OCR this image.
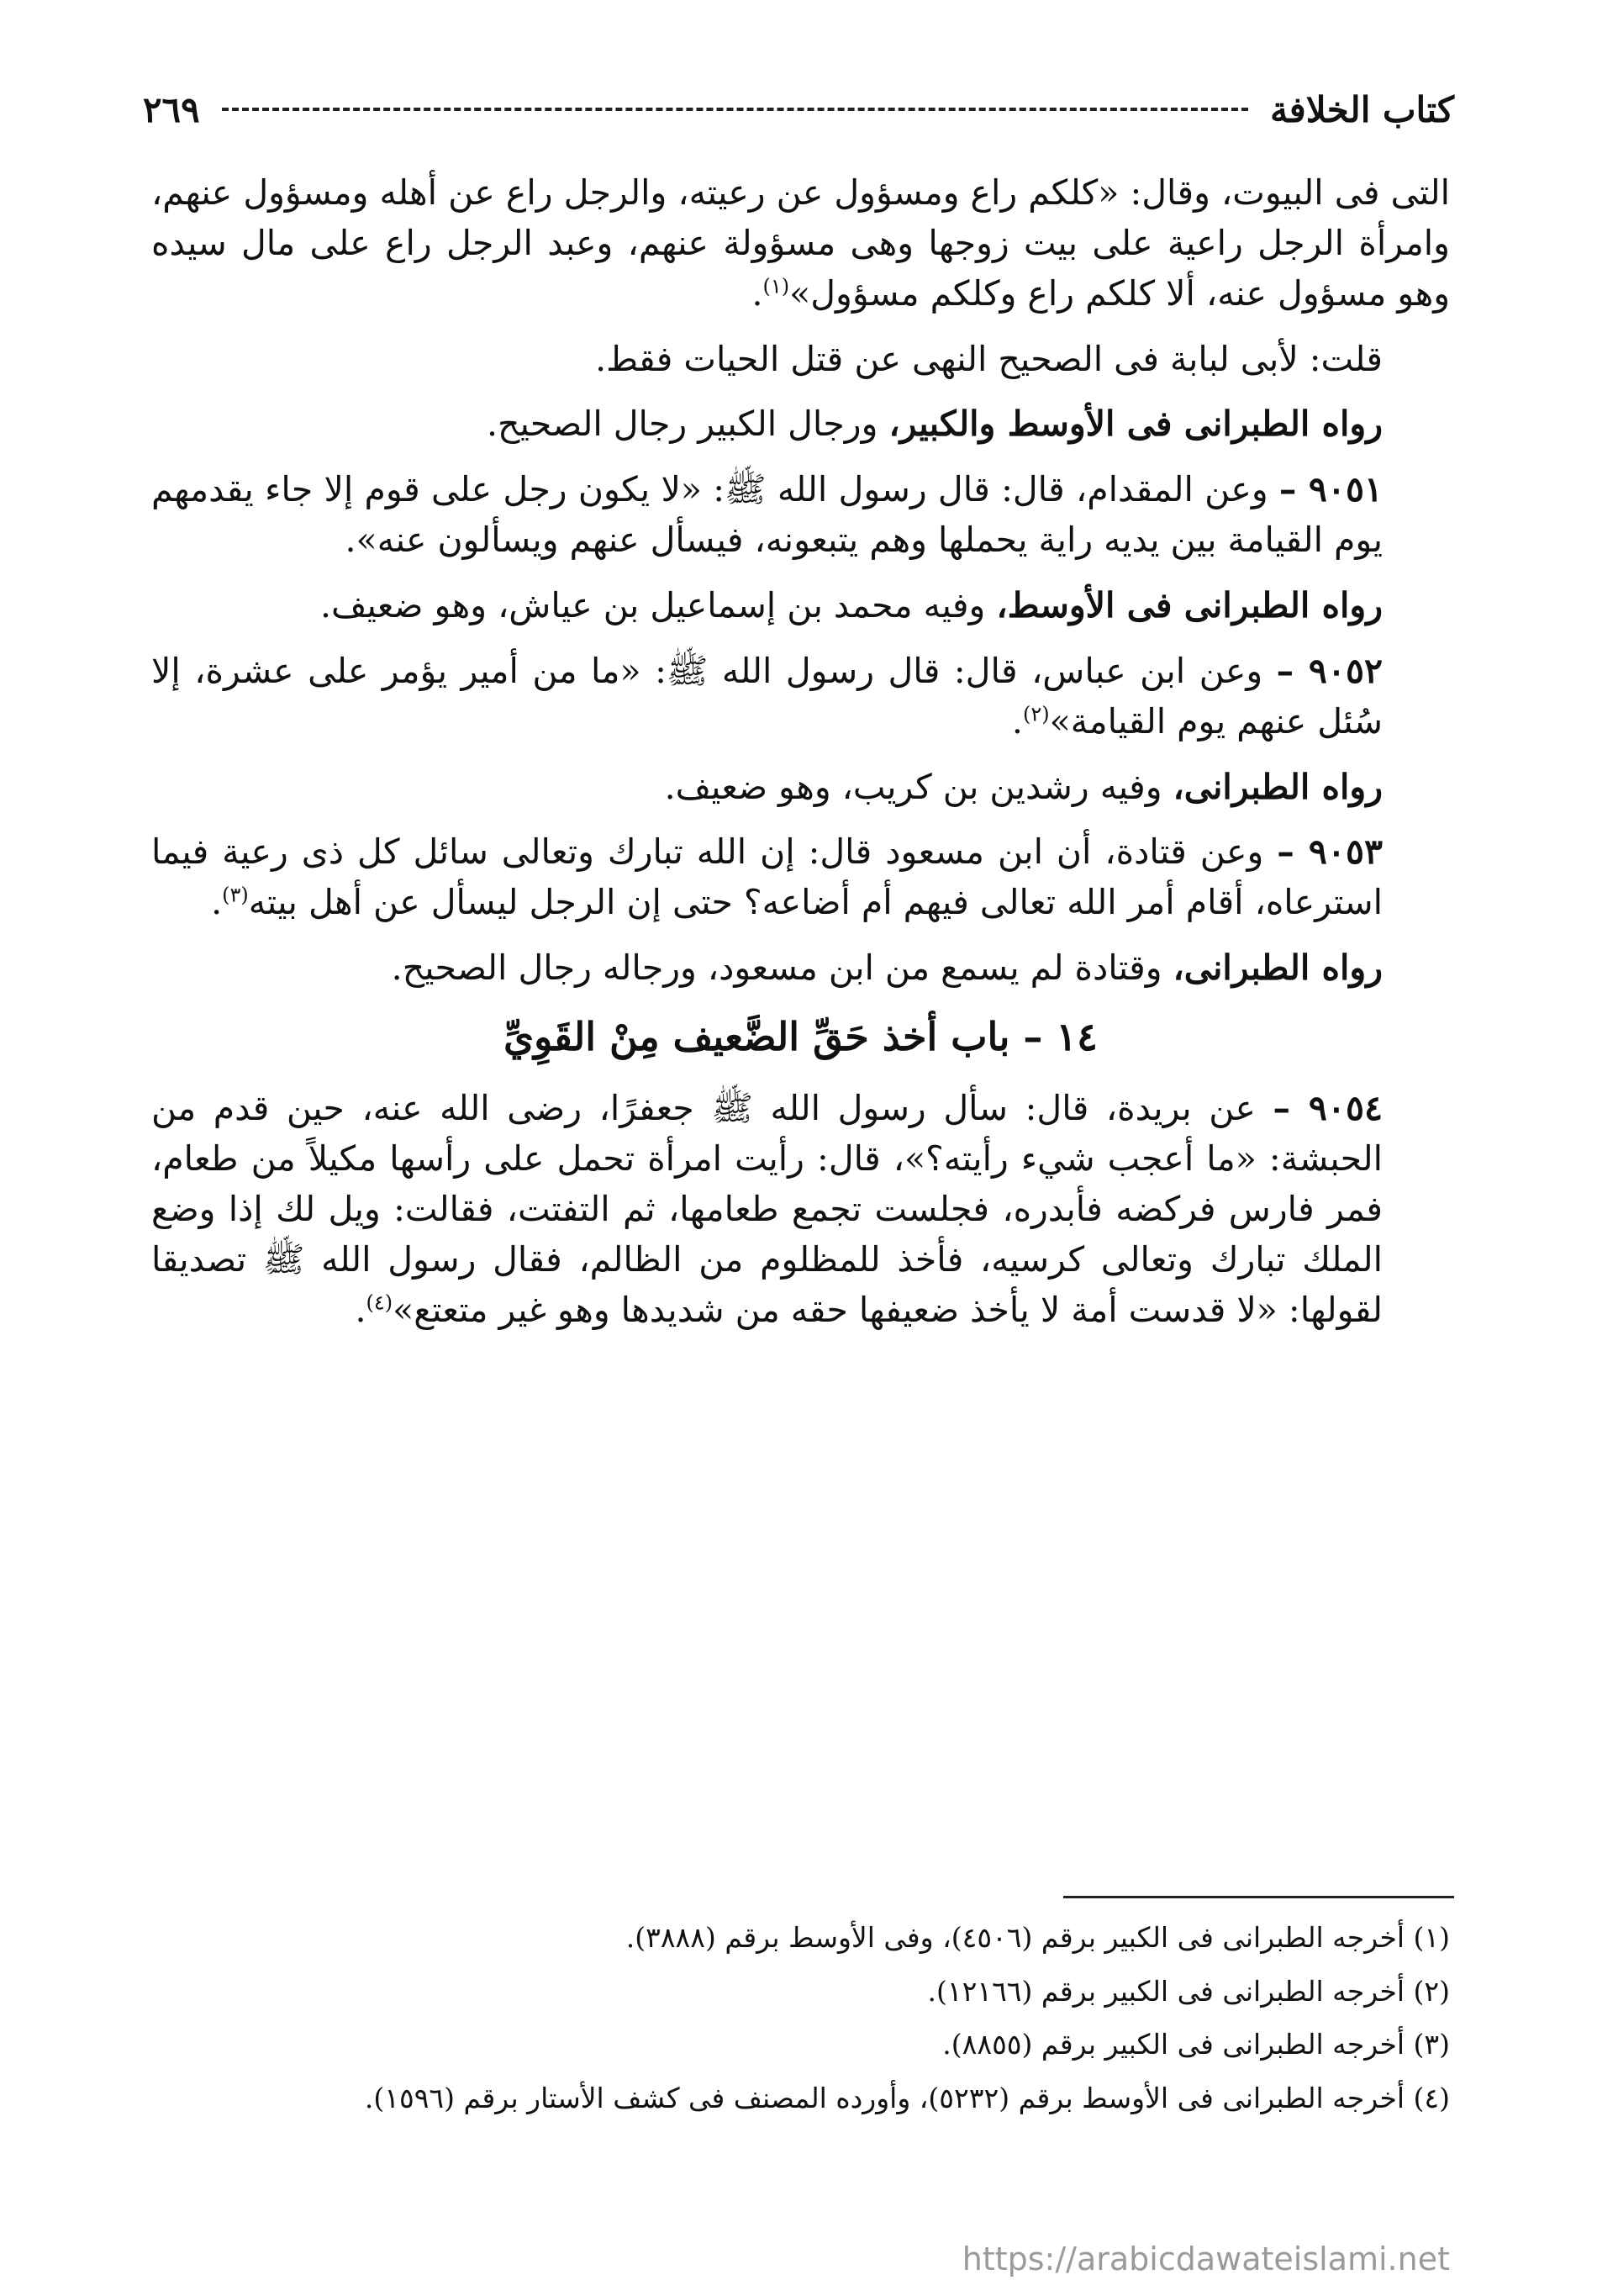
كتاب الخلافة
٢٦٩

التى فى البيوت، وقال: «كلكم راع ومسؤول عن رعيته، والرجل راع عن أهله ومسؤول عنهم، وامرأة الرجل راعية على بيت زوجها وهى مسؤولة عنهم، وعبد الرجل راع على مال سيده وهو مسؤول عنه، ألا كلكم راع وكلكم مسؤول»$^{(١)}$.

قلت: لأبى لبابة فى الصحيح النهى عن قتل الحيات فقط.

رواه الطبرانى فى الأوسط والكبير، ورجال الكبير رجال الصحيح.

٩٠٥١ – وعن المقدام، قال: قال رسول الله ﷺ: «لا يكون رجل على قوم إلا جاء يقدمهم يوم القيامة بين يديه راية يحملها وهم يتبعونه، فيسأل عنهم ويسألون عنه».

رواه الطبرانى فى الأوسط، وفيه محمد بن إسماعيل بن عياش، وهو ضعيف.

٩٠٥٢ – وعن ابن عباس، قال: قال رسول الله ﷺ: «ما من أمير يؤمر على عشرة، إلا سُئل عنهم يوم القيامة»$^{(٢)}$.

رواه الطبرانى، وفيه رشدين بن كريب، وهو ضعيف.

٩٠٥٣ – وعن قتادة، أن ابن مسعود قال: إن الله تبارك وتعالى سائل كل ذى رعية فيما استرعاه، أقام أمر الله تعالى فيهم أم أضاعه؟ حتى إن الرجل ليسأل عن أهل بيته$^{(٣)}$.

رواه الطبرانى، وقتادة لم يسمع من ابن مسعود، ورجاله رجال الصحيح.

١٤ – باب أخذ حَقِّ الضَّعيف مِنْ القَوِيِّ

٩٠٥٤ – عن بريدة، قال: سأل رسول الله ﷺ جعفرًا، رضى الله عنه، حين قدم من الحبشة: «ما أعجب شيء رأيته؟»، قال: رأيت امرأة تحمل على رأسها مكيلاً من طعام، فمر فارس فركضه فأبدره، فجلست تجمع طعامها، ثم التفتت، فقالت: ويل لك إذا وضع الملك تبارك وتعالى كرسيه، فأخذ للمظلوم من الظالم، فقال رسول الله ﷺ تصديقا لقولها: «لا قدست أمة لا يأخذ ضعيفها حقه من شديدها وهو غير متعتع»$^{(٤)}$.

(١) أخرجه الطبرانى فى الكبير برقم (٤٥٠٦)، وفى الأوسط برقم (٣٨٨٨).

(٢) أخرجه الطبرانى فى الكبير برقم (١٢١٦٦).

(٣) أخرجه الطبرانى فى الكبير برقم (٨٨٥٥).

(٤) أخرجه الطبرانى فى الأوسط برقم (٥٢٣٢)، وأورده المصنف فى كشف الأستار برقم (١٥٩٦).

https://arabicdawateislami.net
